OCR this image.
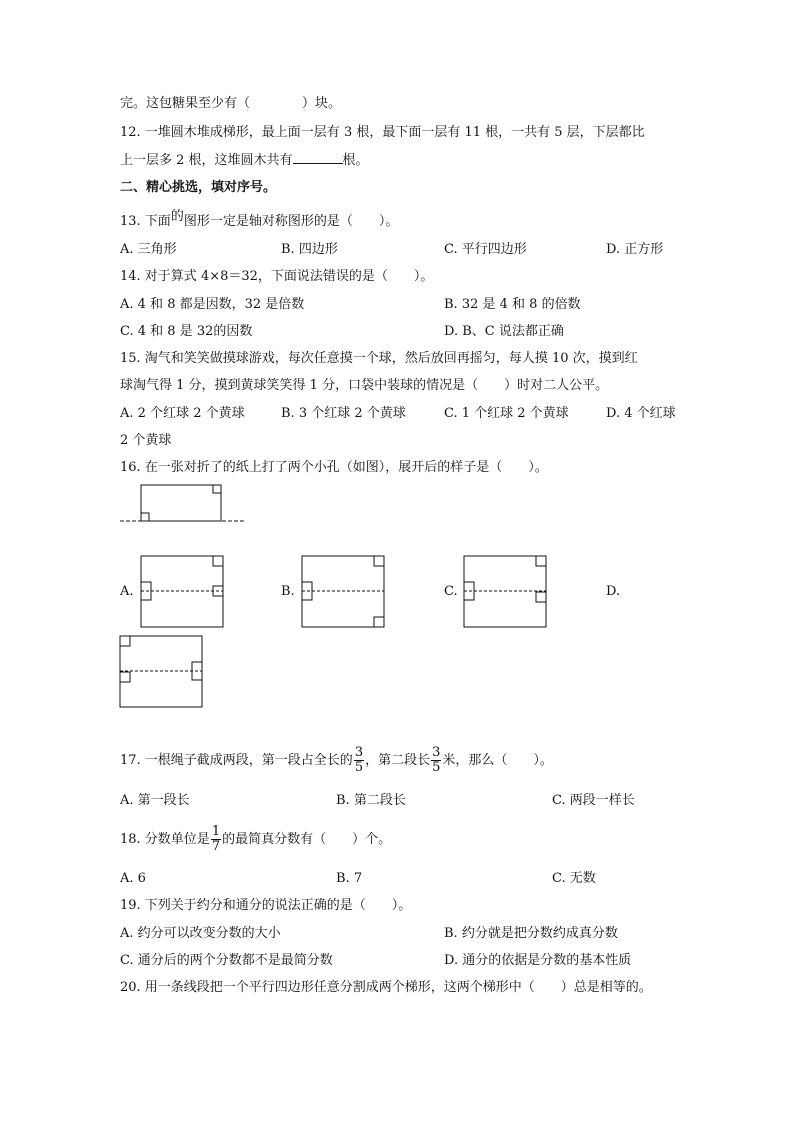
完。这包糖果至少有（　　　　）块。
12. 一堆圆木堆成梯形，最上面一层有 3 根，最下面一层有 11 根，一共有 5 层，下层都比
上一层多 2 根，这堆圆木共有	根。
二、精心挑选，填对序号。
13. 下面的图形一定是轴对称图形的是（　　）。
A. 三角形	B. 四边形	C. 平行四边形	D. 正方形
14. 对于算式 4×8＝32，下面说法错误的是（　　）。
A. 4 和 8 都是因数，32 是倍数	B. 32 是 4 和 8 的倍数
C. 4 和 8 是 32的因数	D. B、C 说法都正确
15. 淘气和笑笑做摸球游戏，每次任意摸一个球，然后放回再摇匀，每人摸 10 次，摸到红
球淘气得 1 分，摸到黄球笑笑得 1 分，口袋中装球的情况是（　　）时对二人公平。
A. 2 个红球 2 个黄球	B. 3 个红球 2 个黄球	C. 1 个红球 2 个黄球	D. 4 个红球
2 个黄球
16. 在一张对折了的纸上打了两个小孔（如图），展开后的样子是（　　）。
A.	B.	C.	D.
17. 一根绳子截成两段，第一段占全长的 $\frac{3}{5}$ ，第二段长 $\frac{3}{5}$ 米，那么（　　）。
A. 第一段长	B. 第二段长	C. 两段一样长
18. 分数单位是 $\frac{1}{7}$ 的最简真分数有（　　）个。
A. 6	B. 7	C. 无数
19. 下列关于约分和通分的说法正确的是（　　）。
A. 约分可以改变分数的大小	B. 约分就是把分数约成真分数
C. 通分后的两个分数都不是最简分数	D. 通分的依据是分数的基本性质
20. 用一条线段把一个平行四边形任意分割成两个梯形，这两个梯形中（　　）总是相等的。
